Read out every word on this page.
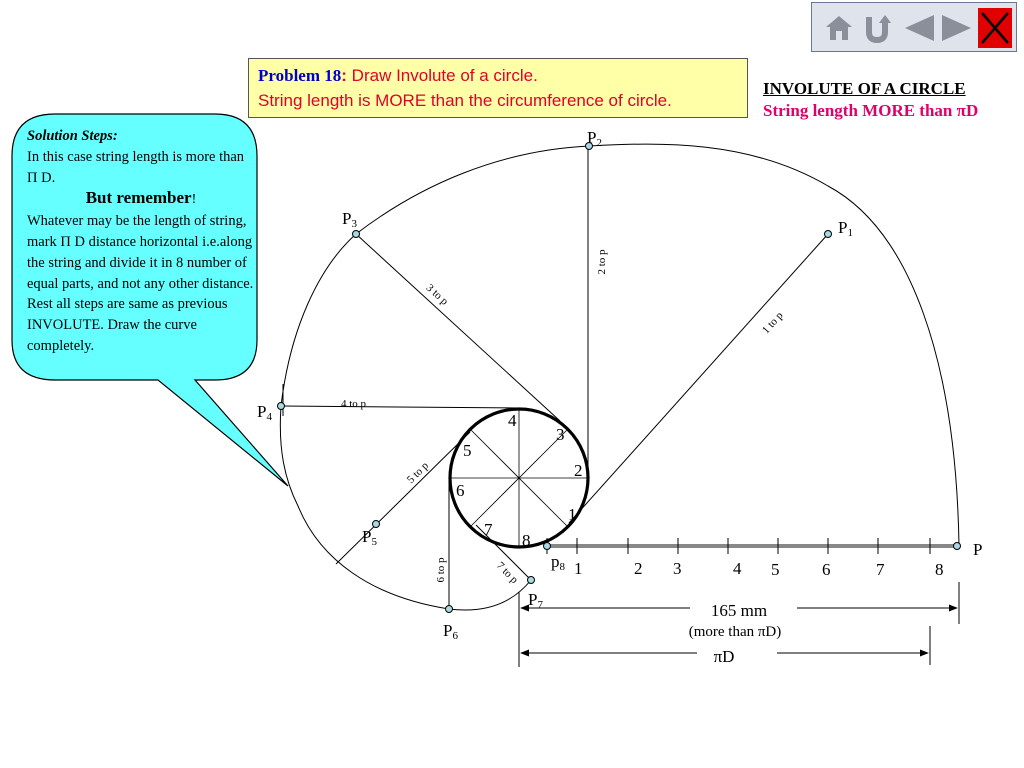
1
2
3
4
5
6
7
8
1	2 3	4 5	6	7	8
1 to p
2 to p
3 to p
4 to p
5 to p
6 to p	7 to p
P
P1
P2
P3
P4
P5
P6
P7
p8
165 mm
(more than πD)
πD
Problem 18: Draw Involute of a circle.
String length is MORE than the circumference of circle.
INVOLUTE OF A CIRCLE
String length MORE than πD
Solution Steps:
In this case string length is more than Π D.
But remember!
Whatever may be the length of string, mark Π D distance horizontal i.e.along the string and divide it in 8 number of equal parts, and not any other distance. Rest all steps are same as previous INVOLUTE. Draw the curve completely.
